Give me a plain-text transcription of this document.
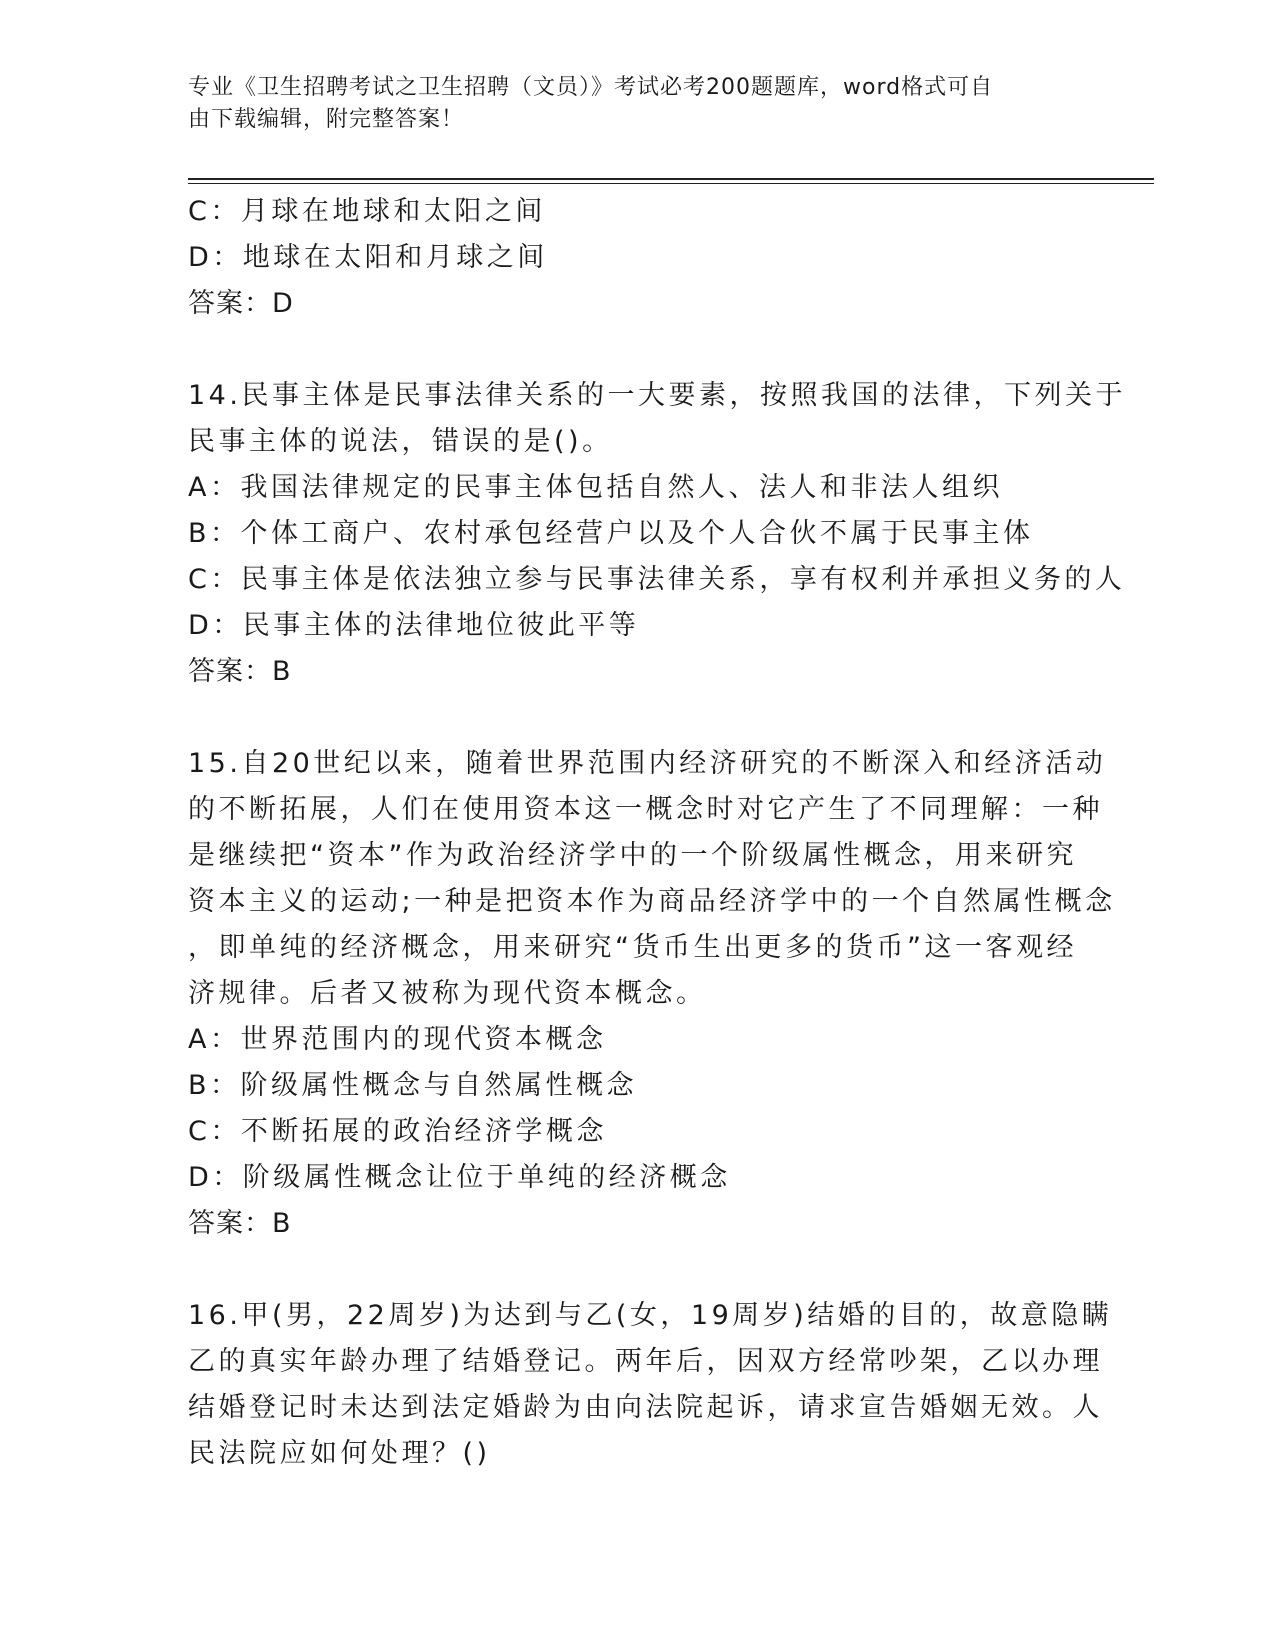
专业《卫生招聘考试之卫生招聘（文员）》考试必考200题题库，word格式可自
由下载编辑，附完整答案！
C：月球在地球和太阳之间
D：地球在太阳和月球之间
答案：D
14.民事主体是民事法律关系的一大要素，按照我国的法律，下列关于
民事主体的说法，错误的是()。
A：我国法律规定的民事主体包括自然人、法人和非法人组织
B：个体工商户、农村承包经营户以及个人合伙不属于民事主体
C：民事主体是依法独立参与民事法律关系，享有权利并承担义务的人
D：民事主体的法律地位彼此平等
答案：B
15.自20世纪以来，随着世界范围内经济研究的不断深入和经济活动
的不断拓展，人们在使用资本这一概念时对它产生了不同理解：一种
是继续把“资本”作为政治经济学中的一个阶级属性概念，用来研究
资本主义的运动;一种是把资本作为商品经济学中的一个自然属性概念
，即单纯的经济概念，用来研究“货币生出更多的货币”这一客观经
济规律。后者又被称为现代资本概念。
A：世界范围内的现代资本概念
B：阶级属性概念与自然属性概念
C：不断拓展的政治经济学概念
D：阶级属性概念让位于单纯的经济概念
答案：B
16.甲(男，22周岁)为达到与乙(女，19周岁)结婚的目的，故意隐瞒
乙的真实年龄办理了结婚登记。两年后，因双方经常吵架，乙以办理
结婚登记时未达到法定婚龄为由向法院起诉，请求宣告婚姻无效。人
民法院应如何处理？()
